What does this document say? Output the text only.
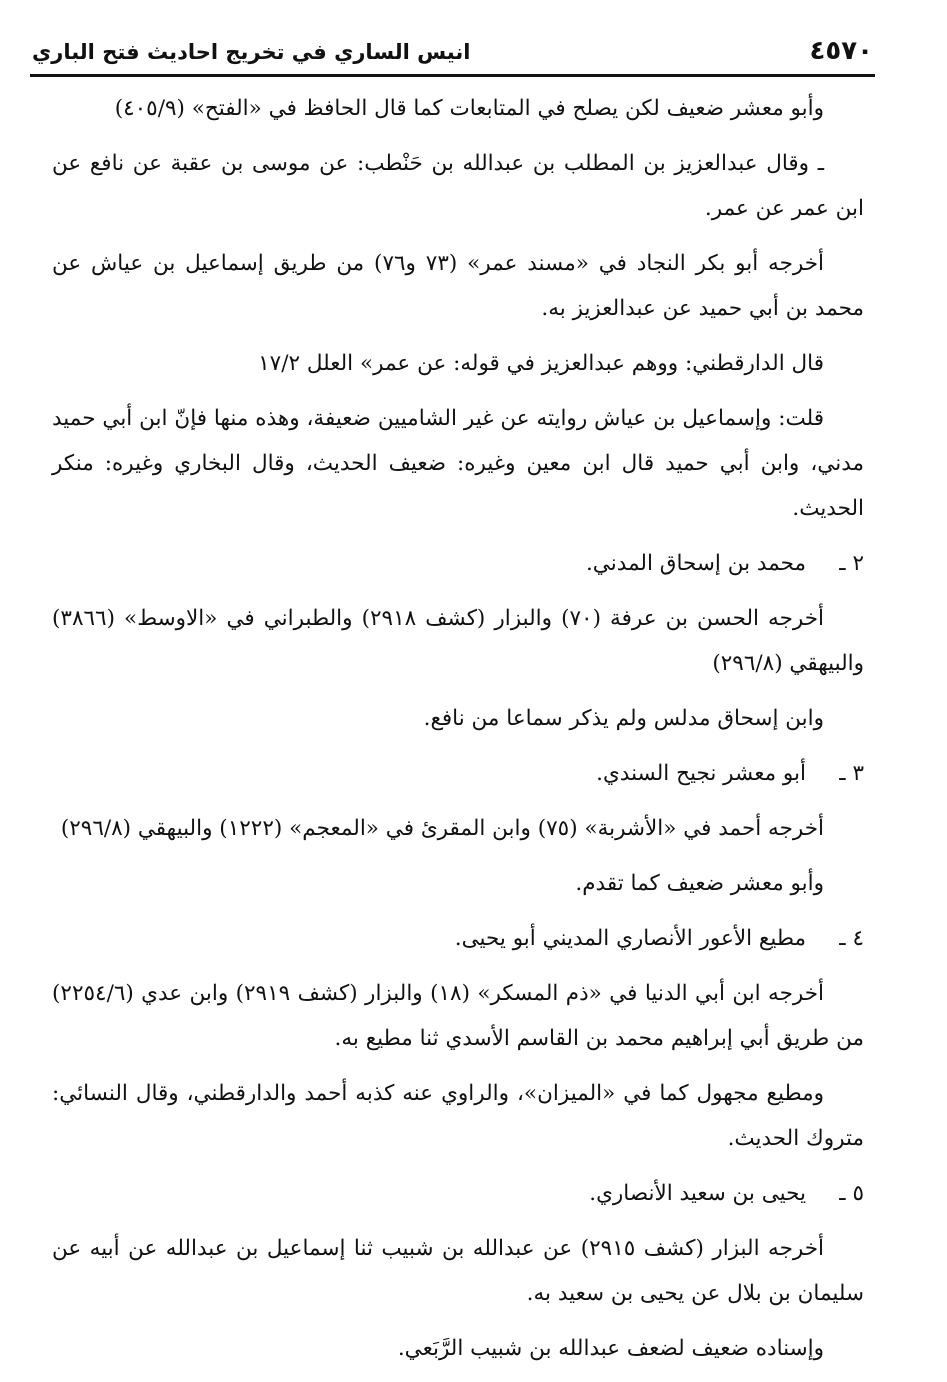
٤٥٧٠
انيس الساري في تخريج احاديث فتح الباري

وأبو معشر ضعيف لكن يصلح في المتابعات كما قال الحافظ في «الفتح» (٤٠٥/٩)

ـ وقال عبدالعزيز بن المطلب بن عبدالله بن حَنْطب: عن موسى بن عقبة عن نافع عن ابن عمر عن عمر.

أخرجه أبو بكر النجاد في «مسند عمر» (٧٣ و٧٦) من طريق إسماعيل بن عياش عن محمد بن أبي حميد عن عبدالعزيز به.

قال الدارقطني: ووهم عبدالعزيز في قوله: عن عمر» العلل ١٧/٢

قلت: وإسماعيل بن عياش روايته عن غير الشاميين ضعيفة، وهذه منها فإنّ ابن أبي حميد مدني، وابن أبي حميد قال ابن معين وغيره: ضعيف الحديث، وقال البخاري وغيره: منكر الحديث.

٢ ـمحمد بن إسحاق المدني.

أخرجه الحسن بن عرفة (٧٠) والبزار (كشف ٢٩١٨) والطبراني في «الاوسط» (٣٨٦٦) والبيهقي (٢٩٦/٨)

وابن إسحاق مدلس ولم يذكر سماعا من نافع.

٣ ـأبو معشر نجيح السندي.

أخرجه أحمد في «الأشربة» (٧٥) وابن المقرئ في «المعجم» (١٢٢٢) والبيهقي (٢٩٦/٨)

وأبو معشر ضعيف كما تقدم.

٤ ـمطيع الأعور الأنصاري المديني أبو يحيى.

أخرجه ابن أبي الدنيا في «ذم المسكر» (١٨) والبزار (كشف ٢٩١٩) وابن عدي (٢٢٥٤/٦) من طريق أبي إبراهيم محمد بن القاسم الأسدي ثنا مطيع به.

ومطيع مجهول كما في «الميزان»، والراوي عنه كذبه أحمد والدارقطني، وقال النسائي: متروك الحديث.

٥ ـيحيى بن سعيد الأنصاري.

أخرجه البزار (كشف ٢٩١٥) عن عبدالله بن شبيب ثنا إسماعيل بن عبدالله عن أبيه عن سليمان بن بلال عن يحيى بن سعيد به.

وإسناده ضعيف لضعف عبدالله بن شبيب الرَّبَعي.
